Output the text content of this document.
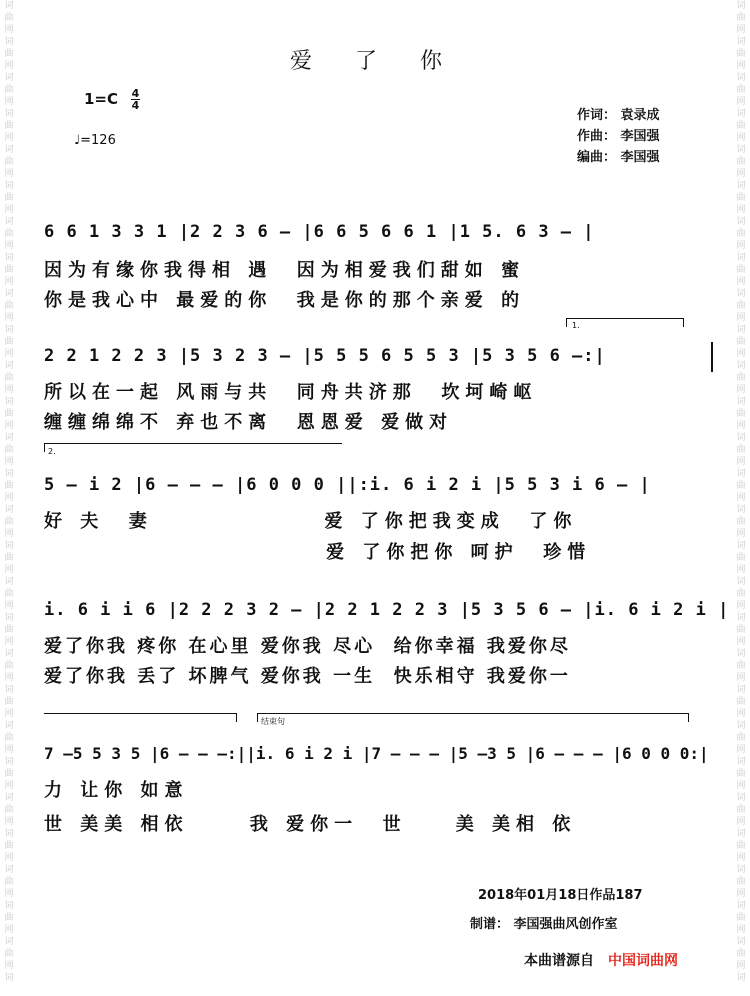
词
曲
网
词
曲
网
词
曲
网
词
曲
网
词
曲
网
词
曲
网
词
曲
网
词
曲
网
词
曲
网
词
曲
网
词
曲
网
词
曲
网
词
曲
网
词
曲
网
词
曲
网
词
曲
网
词
曲
网
词
曲
网
词
曲
网
词
曲
网
词
曲
网
词
曲
网
词
曲
网
词
曲
网
词
曲
网
词
曲
网
词
曲
网
词
词
曲
网
词
曲
网
词
曲
网
词
曲
网
词
曲
网
词
曲
网
词
曲
网
词
曲
网
词
曲
网
词
曲
网
词
曲
网
词
曲
网
词
曲
网
词
曲
网
词
曲
网
词
曲
网
词
曲
网
词
曲
网
词
曲
网
词
曲
网
词
曲
网
词
曲
网
词
曲
网
词
曲
网
词
曲
网
词
曲
网
词
曲
网
词
爱 了 你
1=C 4
4
♩=126
作词： 袁录成
作曲： 李国强
编曲： 李国强
6 6 1 3 3 1 |2 2 3 6 – |6 6 5 6 6 1 |1 5. 6 3 – |
因为有缘你我得相 遇  因为相爱我们甜如 蜜
你是我心中 最爱的你  我是你的那个亲爱 的
1.
2 2 1 2 2 3 |5 3 2 3 – |5 5 5 6 5 5 3 |5 3 5 6 –:|
所以在一起 风雨与共  同舟共济那  坎坷崎岖
缠缠绵绵不 弃也不离  恩恩爱 爱做对
2.
5 – i 2 |6 – – – |6 0 0 0 ||:i. 6 i 2 i |5 5 3 i 6 – |
好 夫  妻              爱 了你把我变成  了你
爱 了你把你 呵护  珍惜
i. 6 i i 6 |2 2 2 3 2 – |2 2 1 2 2 3 |5 3 5 6 – |i. 6 i 2 i |
爱了你我 疼你 在心里 爱你我 尽心  给你幸福 我爱你尽
爱了你我 丢了 坏脾气 爱你我 一生  快乐相守 我爱你一
结束句
7 –5 5 3 5 |6 – – –:||i. 6 i 2 i |7 – – – |5 –3 5 |6 – – – |6 0 0 0:|
力 让你 如意
世 美美 相依     我 爱你一  世    美 美相 依
2018年01月18日作品187
制谱： 李国强曲风创作室
本曲谱源自 中国词曲网
